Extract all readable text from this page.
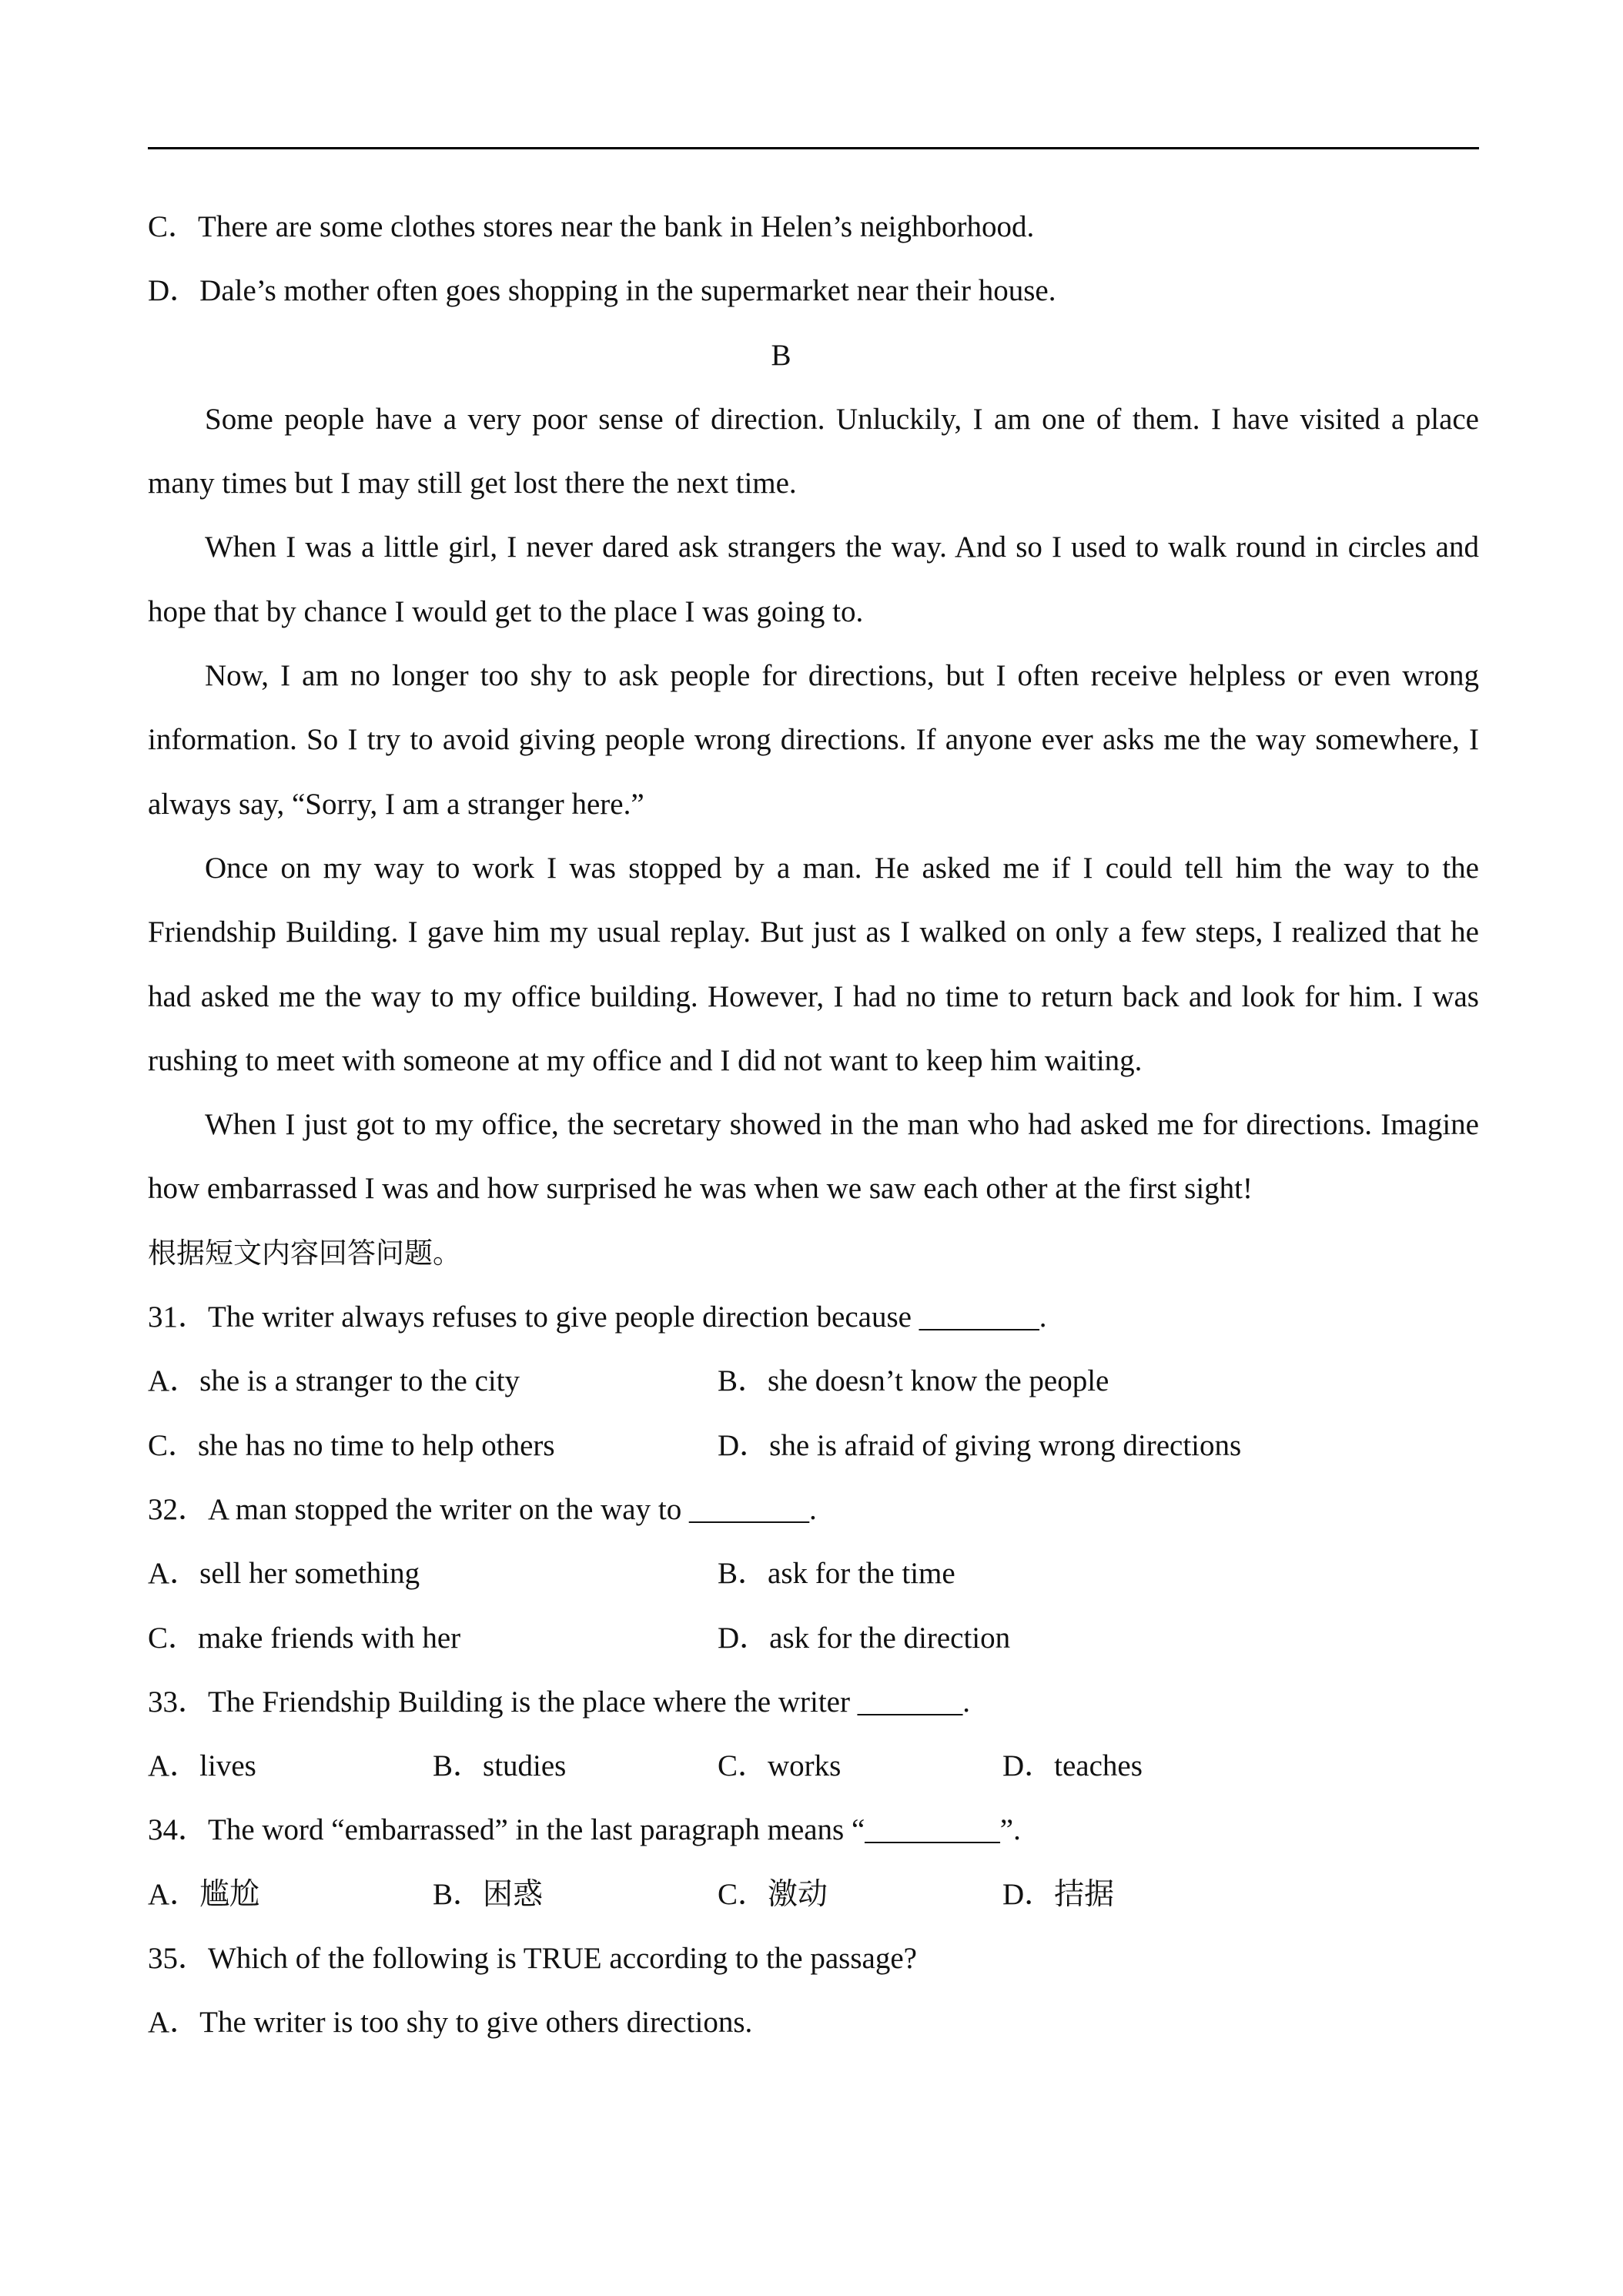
C．There are some clothes stores near the bank in Helen’s neighborhood.
D．Dale’s mother often goes shopping in the supermarket near their house.
B
Some people have a very poor sense of direction. Unluckily, I am one of them. I have visited a place many times but I may still get lost there the next time.
When I was a little girl, I never dared ask strangers the way. And so I used to walk round in circles and hope that by chance I would get to the place I was going to.
Now, I am no longer too shy to ask people for directions, but I often receive helpless or even wrong information. So I try to avoid giving people wrong directions. If anyone ever asks me the way somewhere, I always say, “Sorry, I am a stranger here.”
Once on my way to work I was stopped by a man. He asked me if I could tell him the way to the Friendship Building. I gave him my usual replay. But just as I walked on only a few steps, I realized that he had asked me the way to my office building. However, I had no time to return back and look for him. I was rushing to meet with someone at my office and I did not want to keep him waiting.
When I just got to my office, the secretary showed in the man who had asked me for directions. Imagine how embarrassed I was and how surprised he was when we saw each other at the first sight!
根据短文内容回答问题。
31．The writer always refuses to give people direction because ________.
A．she is a stranger to the city	B．she doesn’t know the people
C．she has no time to help others	D．she is afraid of giving wrong directions
32．A man stopped the writer on the way to ________.
A．sell her something	B．ask for the time
C．make friends with her	D．ask for the direction
33．The Friendship Building is the place where the writer _______.
A．lives	B．studies	C．works	D．teaches
34．The word “embarrassed” in the last paragraph means “_________”.
A．尴尬	B．困惑	C．激动	D．拮据
35．Which of the following is TRUE according to the passage?
A．The writer is too shy to give others directions.
